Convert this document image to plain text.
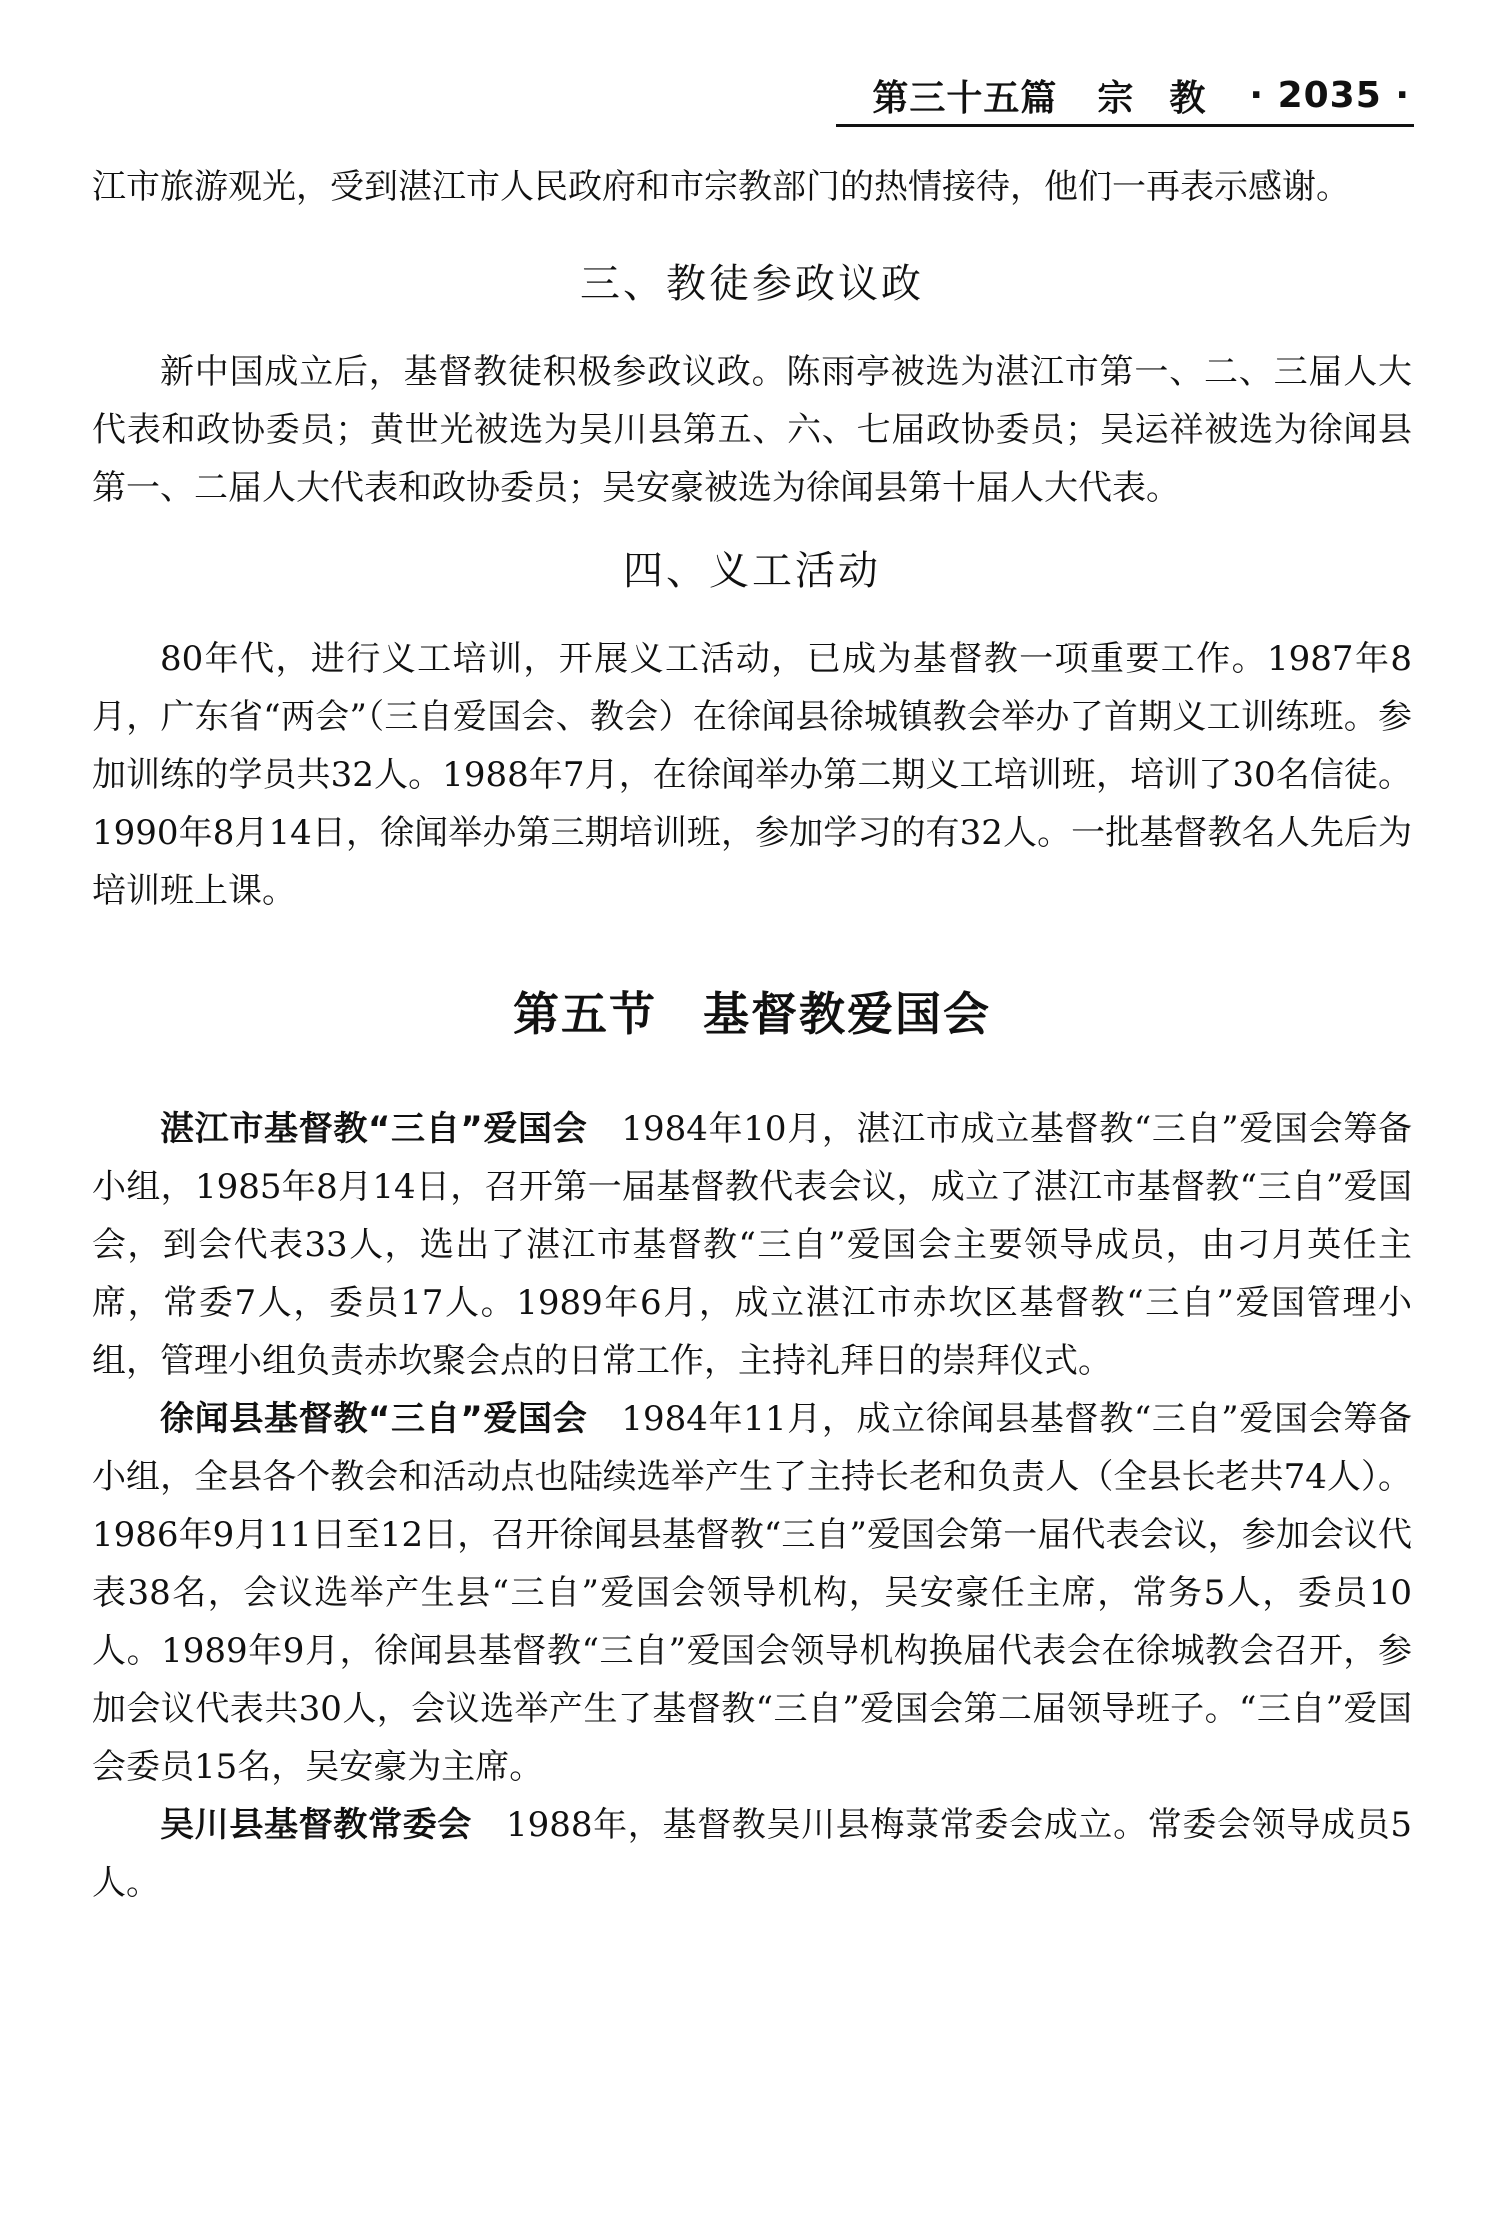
第三十五篇 宗教 · 2035 ·

江市旅游观光，受到湛江市人民政府和市宗教部门的热情接待，他们一再表示感谢。

三、教徒参政议政

新中国成立后，基督教徒积极参政议政。陈雨亭被选为湛江市第一、二、三届人大代表和政协委员；黄世光被选为吴川县第五、六、七届政协委员；吴运祥被选为徐闻县第一、二届人大代表和政协委员；吴安豪被选为徐闻县第十届人大代表。

四、义工活动

80年代，进行义工培训，开展义工活动，已成为基督教一项重要工作。1987年8月，广东省“两会”（三自爱国会、教会）在徐闻县徐城镇教会举办了首期义工训练班。参加训练的学员共32人。1988年7月，在徐闻举办第二期义工培训班，培训了30名信徒。1990年8月14日，徐闻举办第三期培训班，参加学习的有32人。一批基督教名人先后为培训班上课。

第五节 基督教爱国会

湛江市基督教“三自”爱国会 1984年10月，湛江市成立基督教“三自”爱国会筹备小组，1985年8月14日，召开第一届基督教代表会议，成立了湛江市基督教“三自”爱国会，到会代表33人，选出了湛江市基督教“三自”爱国会主要领导成员，由刁月英任主席，常委7人，委员17人。1989年6月，成立湛江市赤坎区基督教“三自”爱国管理小组，管理小组负责赤坎聚会点的日常工作，主持礼拜日的崇拜仪式。

徐闻县基督教“三自”爱国会 1984年11月，成立徐闻县基督教“三自”爱国会筹备小组，全县各个教会和活动点也陆续选举产生了主持长老和负责人（全县长老共74人）。1986年9月11日至12日，召开徐闻县基督教“三自”爱国会第一届代表会议，参加会议代表38名，会议选举产生县“三自”爱国会领导机构，吴安豪任主席，常务5人，委员10人。1989年9月，徐闻县基督教“三自”爱国会领导机构换届代表会在徐城教会召开，参加会议代表共30人，会议选举产生了基督教“三自”爱国会第二届领导班子。“三自”爱国会委员15名，吴安豪为主席。

吴川县基督教常委会 1988年，基督教吴川县梅菉常委会成立。常委会领导成员5人。
